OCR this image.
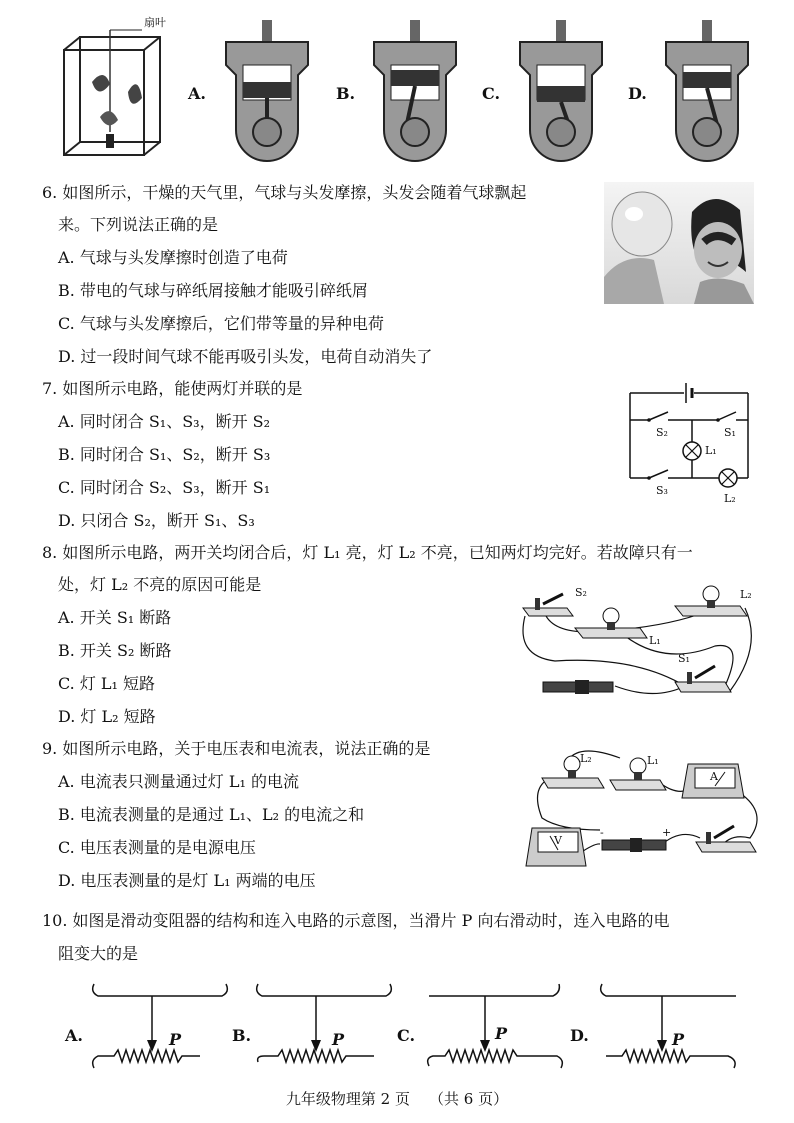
扇叶
A.	B.	C.	D.
6. 如图所示，干燥的天气里，气球与头发摩擦，头发会随着气球飘起
来。下列说法正确的是
A. 气球与头发摩擦时创造了电荷
B. 带电的气球与碎纸屑接触才能吸引碎纸屑
C. 气球与头发摩擦后，它们带等量的异种电荷
D. 过一段时间气球不能再吸引头发，电荷自动消失了
7. 如图所示电路，能使两灯并联的是
A. 同时闭合 S₁、S₃，断开 S₂
B. 同时闭合 S₁、S₂，断开 S₃
C. 同时闭合 S₂、S₃，断开 S₁
D. 只闭合 S₂，断开 S₁、S₃
S₂	S₁
L₁
S₃
L₂
8. 如图所示电路，两开关均闭合后，灯 L₁ 亮，灯 L₂ 不亮，已知两灯均完好。若故障只有一
处，灯 L₂ 不亮的原因可能是
A. 开关 S₁ 断路
B. 开关 S₂ 断路
C. 灯 L₁ 短路
D. 灯 L₂ 短路
S₂	L₂
L₁
S₁
9. 如图所示电路，关于电压表和电流表，说法正确的是
A. 电流表只测量通过灯 L₁ 的电流
B. 电流表测量的是通过 L₁、L₂ 的电流之和
C. 电压表测量的是电源电压
D. 电压表测量的是灯 L₁ 两端的电压
L₂	L₁
A
V
-	+
10. 如图是滑动变阻器的结构和连入电路的示意图，当滑片 P 向右滑动时，连入电路的电
阻变大的是
A.	P	B.	P	C.	P	D.	P
九年级物理第 2 页    （共 6 页）
